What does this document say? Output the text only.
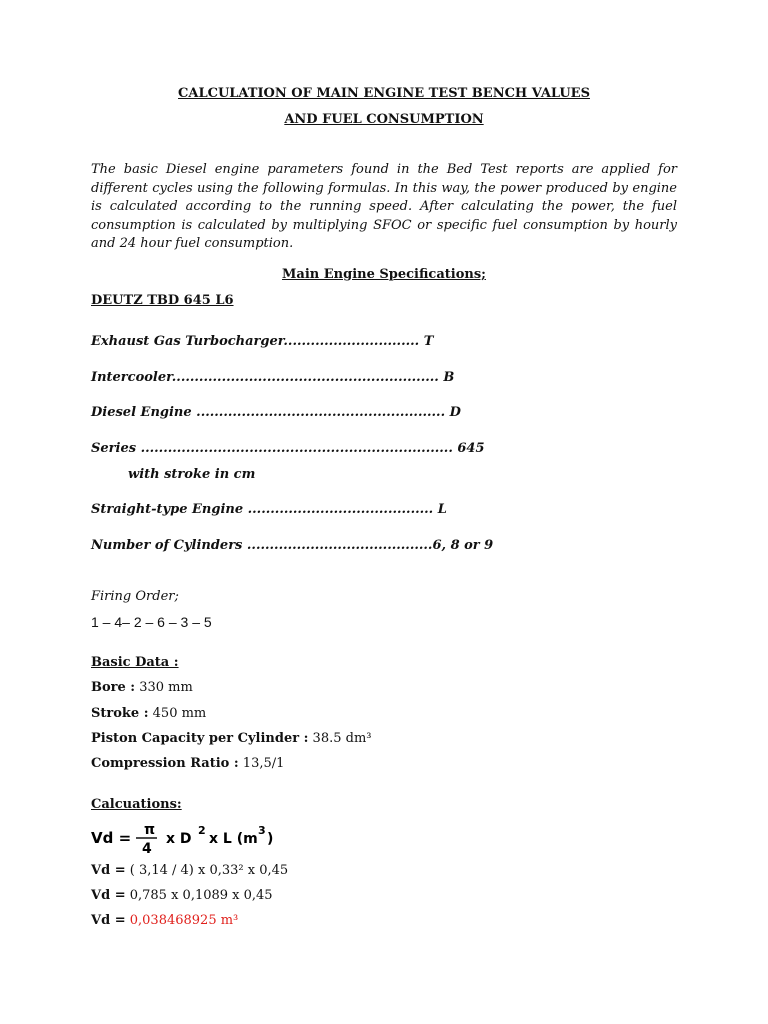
CALCULATION OF MAIN ENGINE TEST BENCH VALUES
AND FUEL CONSUMPTION
The basic Diesel engine parameters found in the Bed Test reports are applied for different cycles using the following formulas. In this way, the power produced by engine is calculated according to the running speed. After calculating the power, the fuel consumption is calculated by multiplying SFOC or specific fuel consumption by hourly and 24 hour fuel consumption.
Main Engine Specifications;
DEUTZ TBD 645 L6
Exhaust Gas Turbocharger.............................. T
Intercooler........................................................... B
Diesel Engine ....................................................... D
Series ..................................................................... 645
with stroke in cm
Straight-type Engine ......................................... L
Number of Cylinders .........................................6, 8 or 9
Firing Order;
1 – 4– 2 – 6 – 3 – 5
Basic Data :
Bore : 330 mm
Stroke : 450 mm
Piston Capacity per Cylinder : 38.5 dm³
Compression Ratio : 13,5/1
Calcuations:
Vd = π
4
x D
2
x L (m
3
)
Vd = ( 3,14 / 4) x 0,33² x 0,45
Vd = 0,785 x 0,1089 x 0,45
Vd = 0,038468925 m³
